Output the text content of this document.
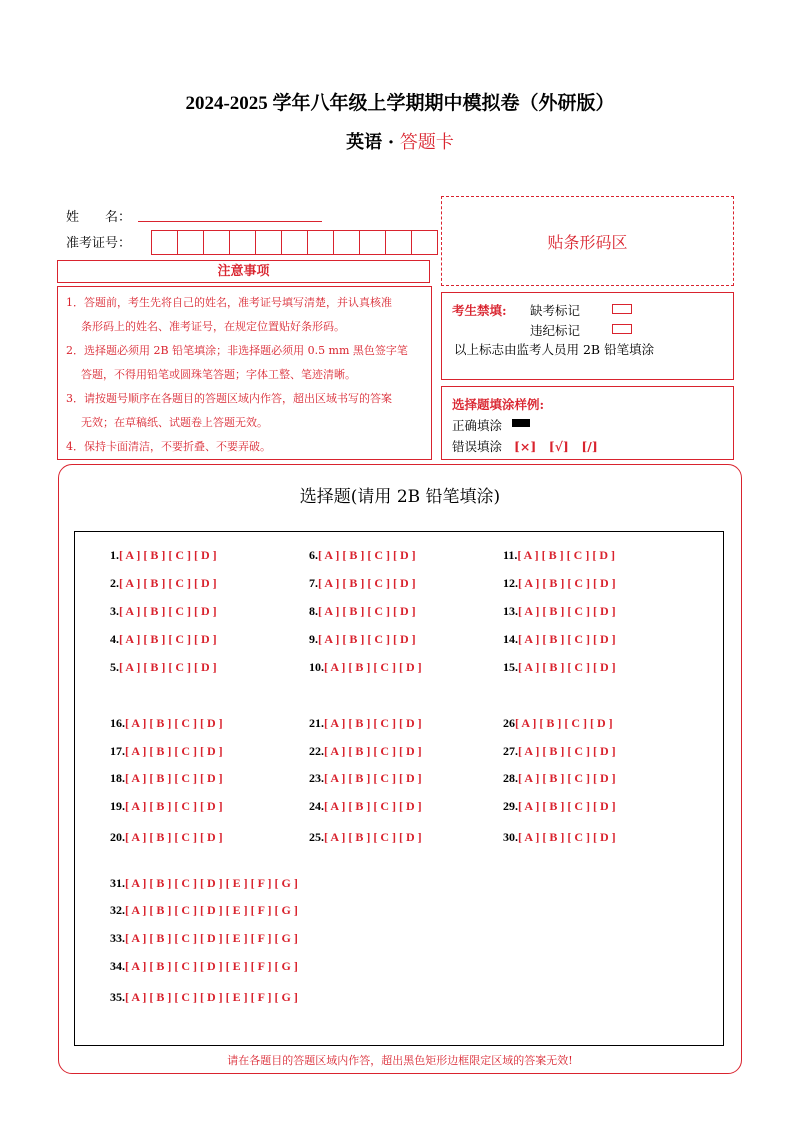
2024-2025 学年八年级上学期期中模拟卷（外研版）
英语 · 答题卡
姓　　名：
准考证号：	贴条形码区
注意事项
1．答题前，考生先将自己的姓名，准考证号填写清楚，并认真核准
条形码上的姓名、准考证号，在规定位置贴好条形码。
2．选择题必须用 2B 铅笔填涂；非选择题必须用 0.5 mm 黑色签字笔
答题，不得用铅笔或圆珠笔答题；字体工整、笔迹清晰。
3．请按题号顺序在各题目的答题区域内作答，超出区域书写的答案
无效；在草稿纸、试题卷上答题无效。
4．保持卡面清洁，不要折叠、不要弄破。
考生禁填: 缺考标记
违纪标记
以上标志由监考人员用 2B 铅笔填涂
选择题填涂样例:
正确填涂
错误填涂 [×]　[√]　[/]
选择题(请用 2B 铅笔填涂)
请在各题目的答题区域内作答，超出黑色矩形边框限定区域的答案无效!
1.[ A ] [ B ] [ C ] [ D ]	6.[ A ] [ B ] [ C ] [ D ]	11.[ A ] [ B ] [ C ] [ D ]
2.[ A ] [ B ] [ C ] [ D ]	7.[ A ] [ B ] [ C ] [ D ]	12.[ A ] [ B ] [ C ] [ D ]
3.[ A ] [ B ] [ C ] [ D ]	8.[ A ] [ B ] [ C ] [ D ]	13.[ A ] [ B ] [ C ] [ D ]
4.[ A ] [ B ] [ C ] [ D ]	9.[ A ] [ B ] [ C ] [ D ]	14.[ A ] [ B ] [ C ] [ D ]
5.[ A ] [ B ] [ C ] [ D ]	10.[ A ] [ B ] [ C ] [ D ]	15.[ A ] [ B ] [ C ] [ D ]
16.[ A ] [ B ] [ C ] [ D ]	21.[ A ] [ B ] [ C ] [ D ]	26[ A ] [ B ] [ C ] [ D ]
17.[ A ] [ B ] [ C ] [ D ]	22.[ A ] [ B ] [ C ] [ D ]	27.[ A ] [ B ] [ C ] [ D ]
18.[ A ] [ B ] [ C ] [ D ]	23.[ A ] [ B ] [ C ] [ D ]	28.[ A ] [ B ] [ C ] [ D ]
19.[ A ] [ B ] [ C ] [ D ]	24.[ A ] [ B ] [ C ] [ D ]	29.[ A ] [ B ] [ C ] [ D ]
20.[ A ] [ B ] [ C ] [ D ]	25.[ A ] [ B ] [ C ] [ D ]	30.[ A ] [ B ] [ C ] [ D ]
31.[ A ] [ B ] [ C ] [ D ] [ E ] [ F ] [ G ]
32.[ A ] [ B ] [ C ] [ D ] [ E ] [ F ] [ G ]
33.[ A ] [ B ] [ C ] [ D ] [ E ] [ F ] [ G ]
34.[ A ] [ B ] [ C ] [ D ] [ E ] [ F ] [ G ]
35.[ A ] [ B ] [ C ] [ D ] [ E ] [ F ] [ G ]
